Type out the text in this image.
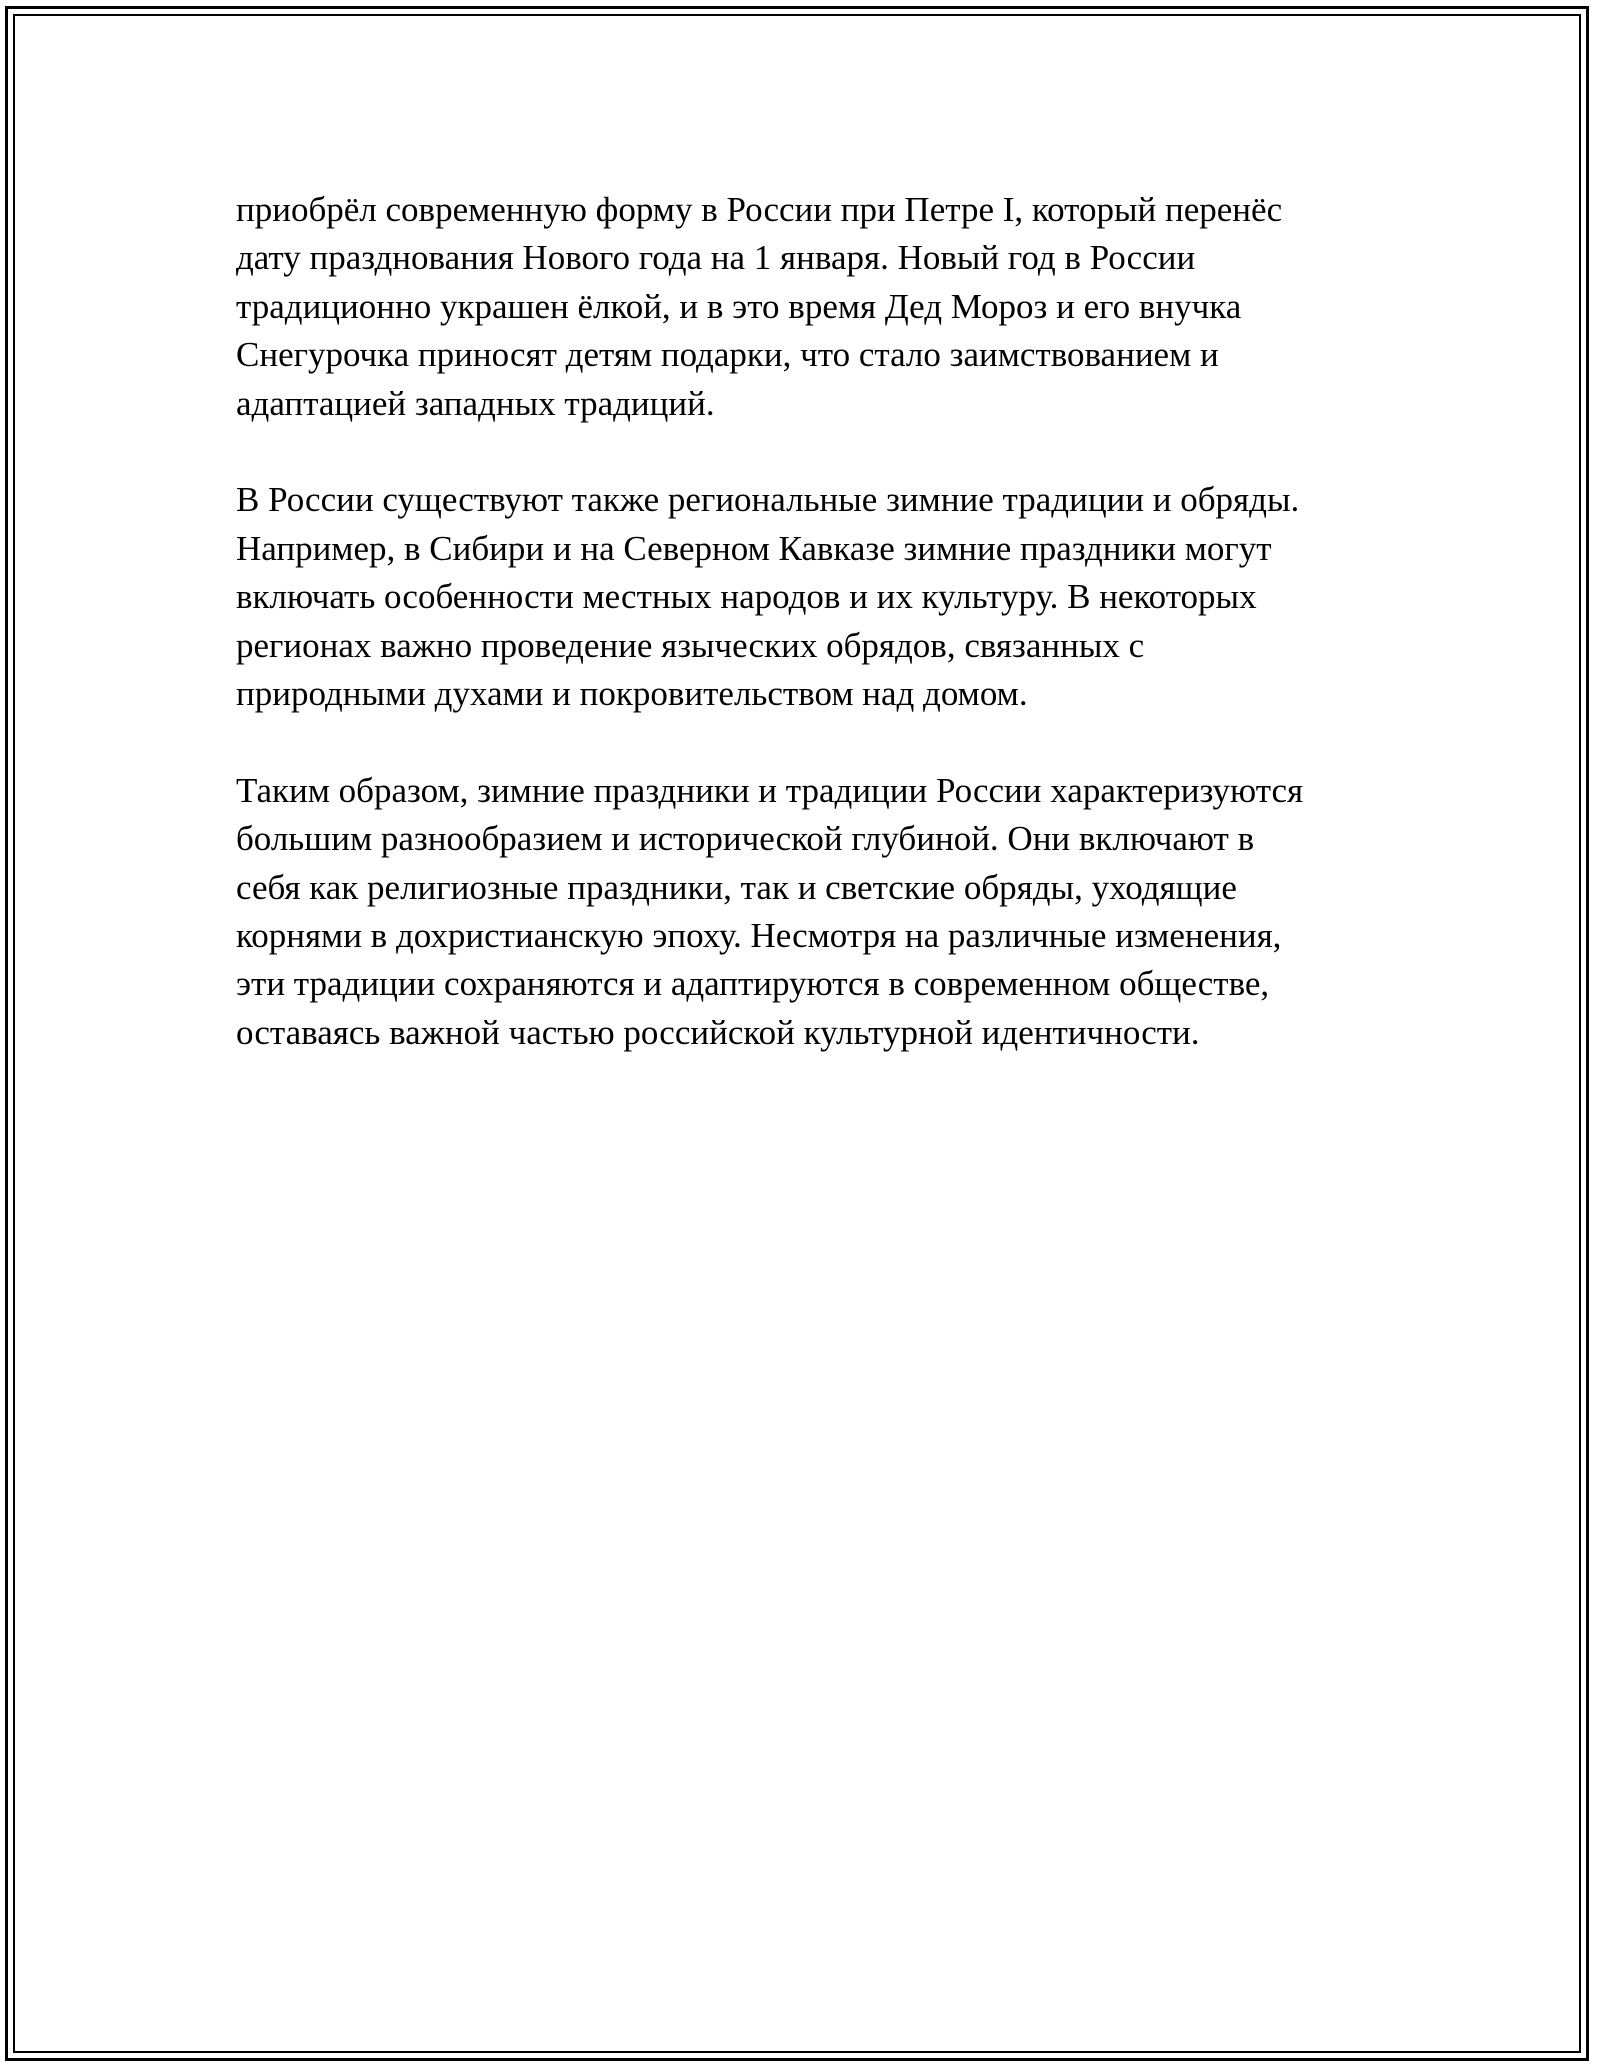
приобрёл современную форму в России при Петре I, который перенёс
дату празднования Нового года на 1 января. Новый год в России
традиционно украшен ёлкой, и в это время Дед Мороз и его внучка
Снегурочка приносят детям подарки, что стало заимствованием и
адаптацией западных традиций.

В России существуют также региональные зимние традиции и обряды.
Например, в Сибири и на Северном Кавказе зимние праздники могут
включать особенности местных народов и их культуру. В некоторых
регионах важно проведение языческих обрядов, связанных с
природными духами и покровительством над домом.

Таким образом, зимние праздники и традиции России характеризуются
большим разнообразием и исторической глубиной. Они включают в
себя как религиозные праздники, так и светские обряды, уходящие
корнями в дохристианскую эпоху. Несмотря на различные изменения,
эти традиции сохраняются и адаптируются в современном обществе,
оставаясь важной частью российской культурной идентичности.
